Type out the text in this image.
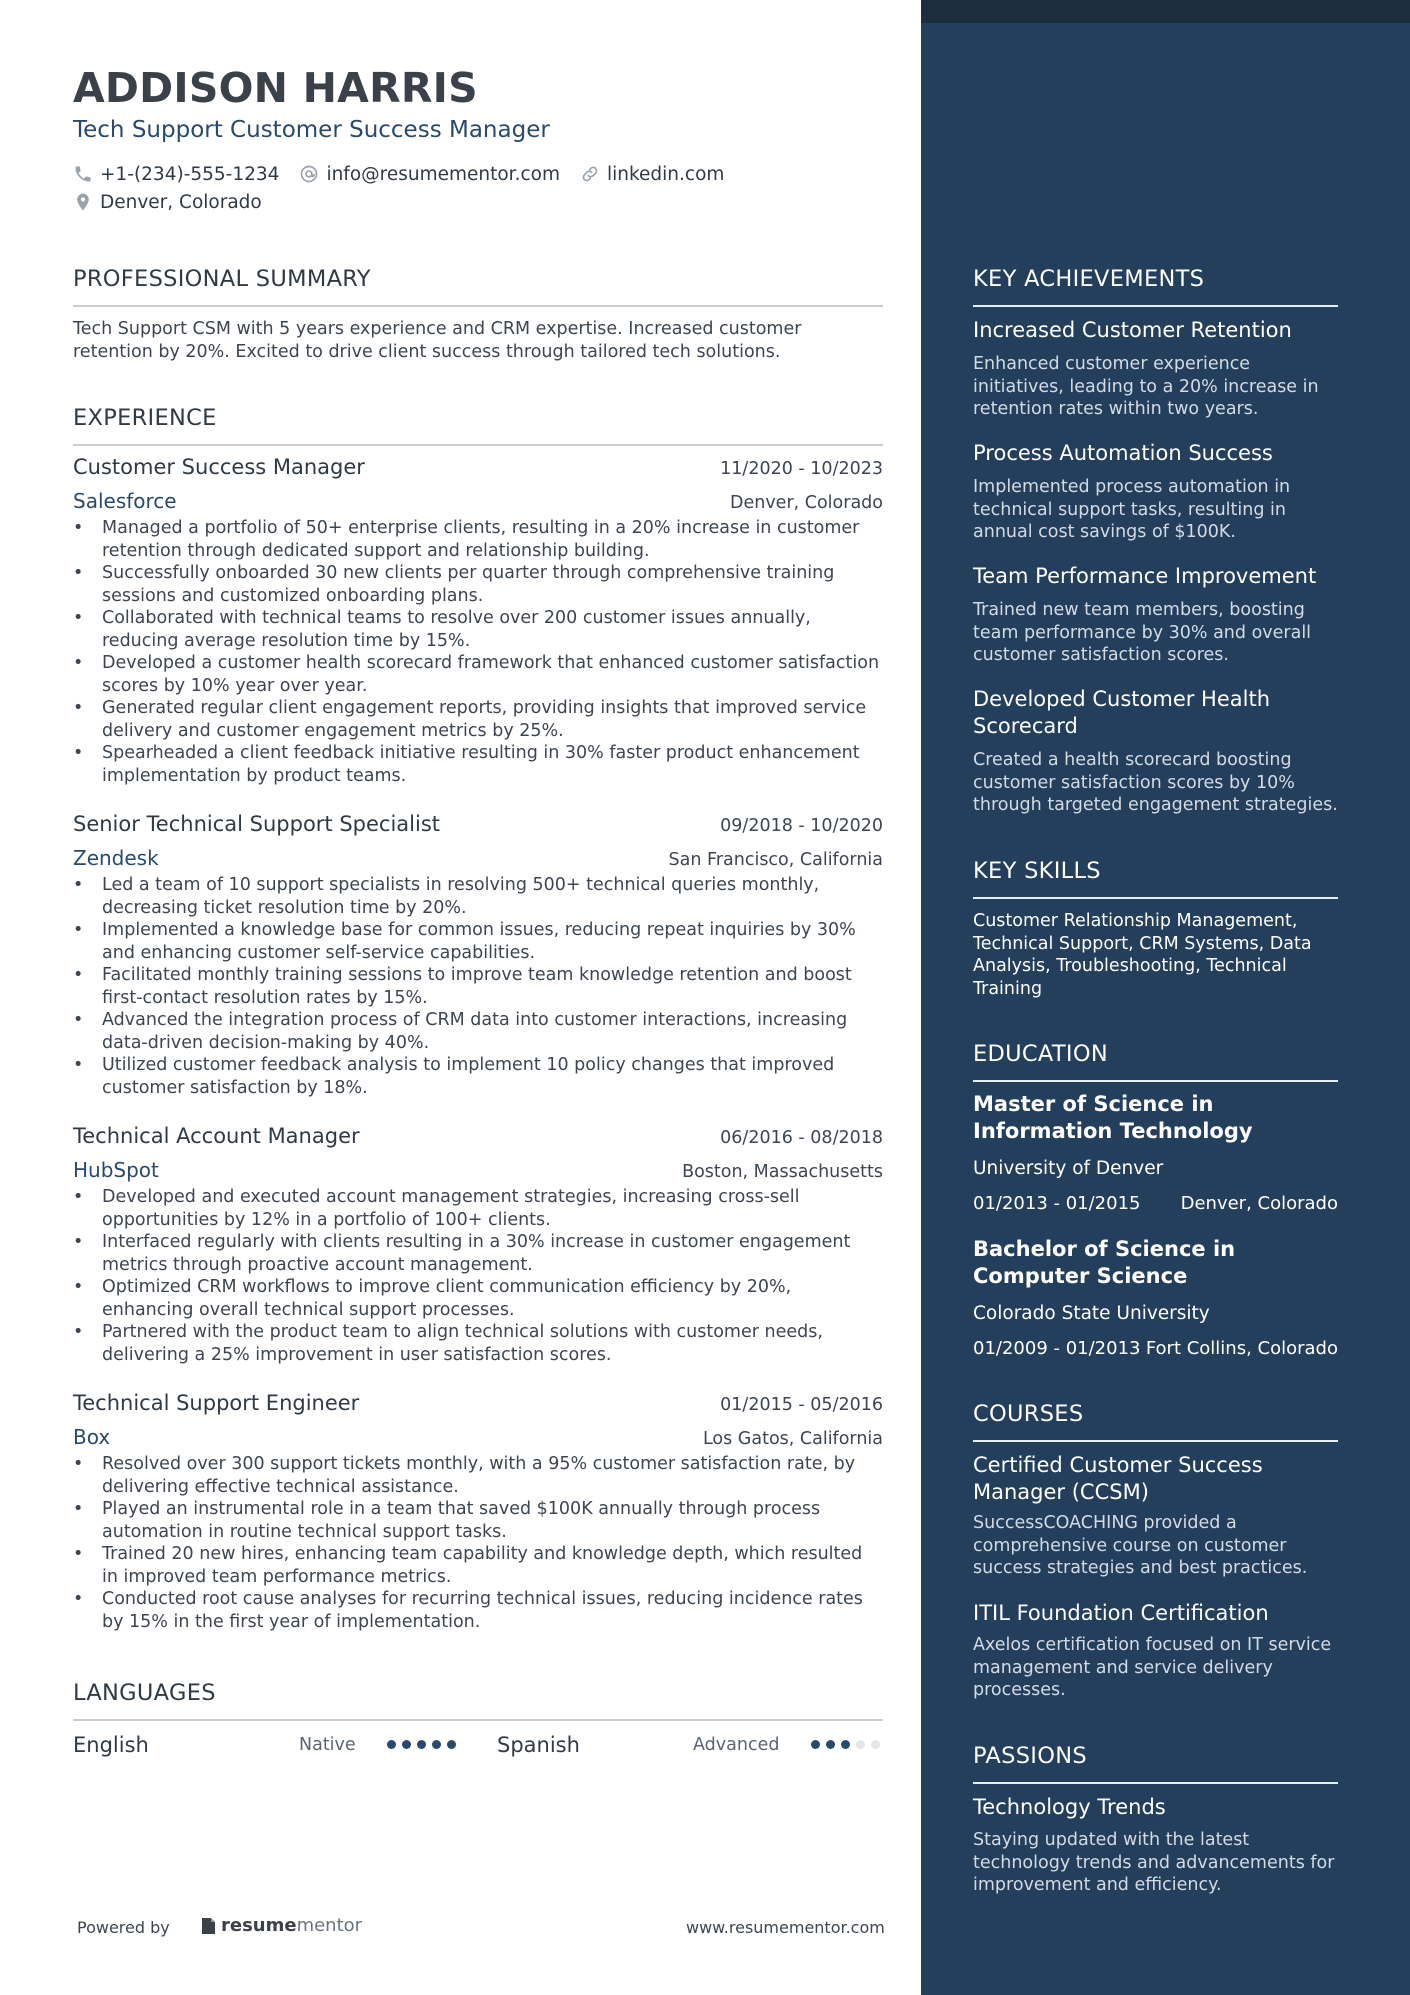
ADDISON HARRIS
Tech Support Customer Success Manager
+1-(234)-555-1234	info@resumementor.com	linkedin.com
Denver, Colorado
PROFESSIONAL SUMMARY
Tech Support CSM with 5 years experience and CRM expertise. Increased customer retention by 20%. Excited to drive client success through tailored tech solutions.
EXPERIENCE
Customer Success Manager	11/2020 - 10/2023
Salesforce	Denver, Colorado
• Managed a portfolio of 50+ enterprise clients, resulting in a 20% increase in customer retention through dedicated support and relationship building.
• Successfully onboarded 30 new clients per quarter through comprehensive training sessions and customized onboarding plans.
• Collaborated with technical teams to resolve over 200 customer issues annually, reducing average resolution time by 15%.
• Developed a customer health scorecard framework that enhanced customer satisfaction scores by 10% year over year.
• Generated regular client engagement reports, providing insights that improved service delivery and customer engagement metrics by 25%.
• Spearheaded a client feedback initiative resulting in 30% faster product enhancement implementation by product teams.
Senior Technical Support Specialist	09/2018 - 10/2020
Zendesk	San Francisco, California
• Led a team of 10 support specialists in resolving 500+ technical queries monthly, decreasing ticket resolution time by 20%.
• Implemented a knowledge base for common issues, reducing repeat inquiries by 30% and enhancing customer self-service capabilities.
• Facilitated monthly training sessions to improve team knowledge retention and boost first-contact resolution rates by 15%.
• Advanced the integration process of CRM data into customer interactions, increasing data-driven decision-making by 40%.
• Utilized customer feedback analysis to implement 10 policy changes that improved customer satisfaction by 18%.
Technical Account Manager	06/2016 - 08/2018
HubSpot	Boston, Massachusetts
• Developed and executed account management strategies, increasing cross-sell opportunities by 12% in a portfolio of 100+ clients.
• Interfaced regularly with clients resulting in a 30% increase in customer engagement metrics through proactive account management.
• Optimized CRM workflows to improve client communication efficiency by 20%, enhancing overall technical support processes.
• Partnered with the product team to align technical solutions with customer needs, delivering a 25% improvement in user satisfaction scores.
Technical Support Engineer	01/2015 - 05/2016
Box	Los Gatos, California
• Resolved over 300 support tickets monthly, with a 95% customer satisfaction rate, by delivering effective technical assistance.
• Played an instrumental role in a team that saved $100K annually through process automation in routine technical support tasks.
• Trained 20 new hires, enhancing team capability and knowledge depth, which resulted in improved team performance metrics.
• Conducted root cause analyses for recurring technical issues, reducing incidence rates by 15% in the first year of implementation.
LANGUAGES
English	Native	Spanish	Advanced
Powered by	resume mentor	www.resumementor.com
KEY ACHIEVEMENTS
Increased Customer Retention
Enhanced customer experience initiatives, leading to a 20% increase in retention rates within two years.
Process Automation Success
Implemented process automation in technical support tasks, resulting in annual cost savings of $100K.
Team Performance Improvement
Trained new team members, boosting team performance by 30% and overall customer satisfaction scores.
Developed Customer Health Scorecard
Created a health scorecard boosting customer satisfaction scores by 10% through targeted engagement strategies.
KEY SKILLS
Customer Relationship Management, Technical Support, CRM Systems, Data Analysis, Troubleshooting, Technical Training
EDUCATION
Master of Science in Information Technology
University of Denver
01/2013 - 01/2015 Denver, Colorado
Bachelor of Science in Computer Science
Colorado State University
01/2009 - 01/2013 Fort Collins, Colorado
COURSES
Certified Customer Success Manager (CCSM)
SuccessCOACHING provided a comprehensive course on customer success strategies and best practices.
ITIL Foundation Certification
Axelos certification focused on IT service management and service delivery processes.
PASSIONS
Technology Trends
Staying updated with the latest technology trends and advancements for improvement and efficiency.
